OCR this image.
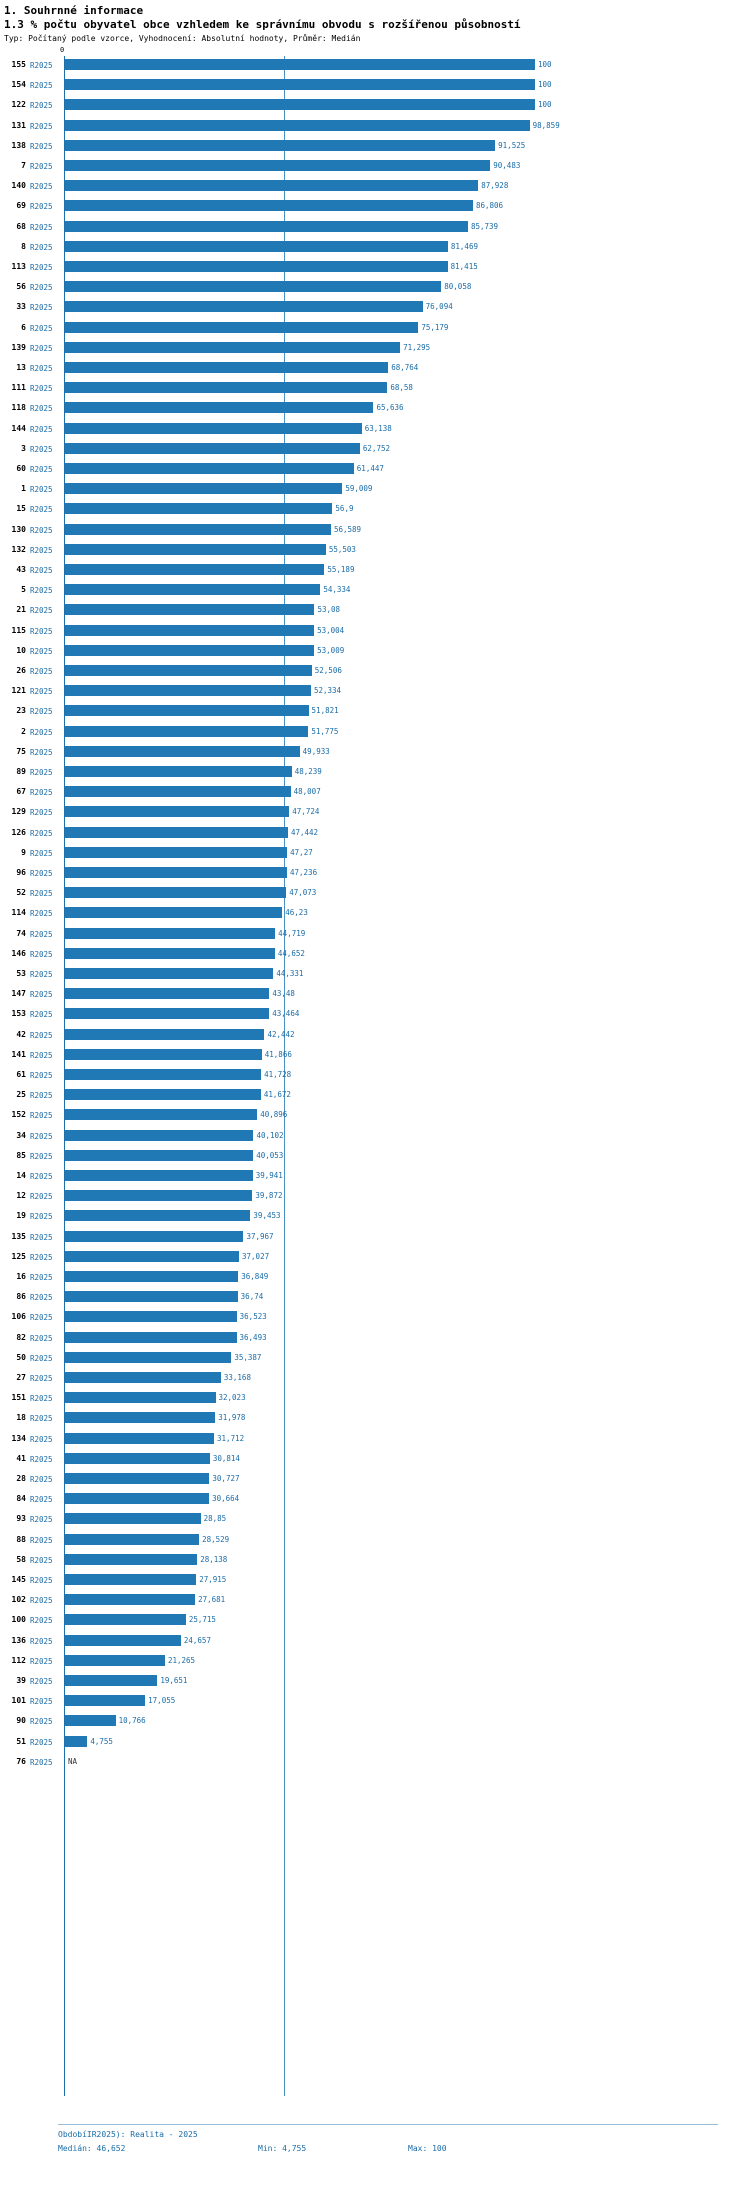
1. Souhrnné informace
1.3 % počtu obyvatel obce vzhledem ke správnímu obvodu s rozšířenou působností
Typ: Počítaný podle vzorce, Vyhodnocení: Absolutní hodnoty, Průměr: Medián
0
155 R2025	100
154 R2025	100
122 R2025	100
131 R2025	98,859
138 R2025	91,525
7 R2025	90,483
140 R2025	87,928
69 R2025	86,806
68 R2025	85,739
8 R2025	81,469
113 R2025	81,415
56 R2025	80,058
33 R2025	76,094
6 R2025	75,179
139 R2025	71,295
13 R2025	68,764
111 R2025	68,58
118 R2025	65,636
144 R2025	63,138
3 R2025	62,752
60 R2025	61,447
1 R2025	59,009
15 R2025	56,9
130 R2025	56,589
132 R2025	55,503
43 R2025	55,189
5 R2025	54,334
21 R2025	53,08
115 R2025	53,004
10 R2025	53,009
26 R2025	52,506
121 R2025	52,334
23 R2025	51,821
2 R2025	51,775
75 R2025	49,933
89 R2025	48,239
67 R2025	48,007
129 R2025	47,724
126 R2025	47,442
9 R2025	47,27
96 R2025	47,236
52 R2025	47,073
114 R2025	46,23
74 R2025	44,719
146 R2025	44,652
53 R2025	44,331
147 R2025	43,48
153 R2025	43,464
42 R2025	42,442
141 R2025	41,866
61 R2025	41,728
25 R2025	41,672
152 R2025	40,896
34 R2025	40,102
85 R2025	40,053
14 R2025	39,941
12 R2025	39,872
19 R2025	39,453
135 R2025	37,967
125 R2025	37,027
16 R2025	36,849
86 R2025	36,74
106 R2025	36,523
82 R2025	36,493
50 R2025	35,387
27 R2025	33,168
151 R2025	32,023
18 R2025	31,978
134 R2025	31,712
41 R2025	30,814
28 R2025	30,727
84 R2025	30,664
93 R2025	28,85
88 R2025	28,529
58 R2025	28,138
145 R2025	27,915
102 R2025	27,681
100 R2025	25,715
136 R2025	24,657
112 R2025	21,265
39 R2025	19,651
101 R2025	17,055
90 R2025	10,766
51 R2025	4,755
76 R2025 NA
ObdobíIR2025): Realita - 2025
Medián: 46,652	Min: 4,755	Max: 100
